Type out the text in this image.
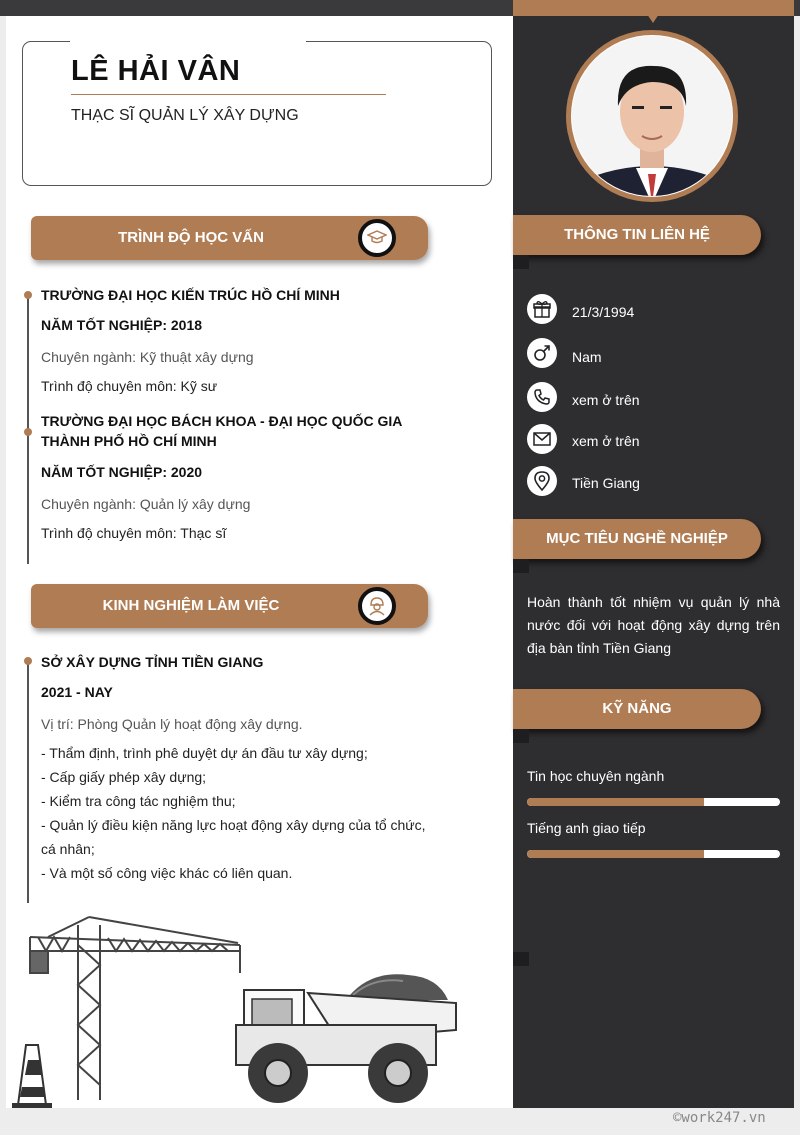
LÊ HẢI VÂN
THẠC SĨ QUẢN LÝ XÂY DỰNG
TRÌNH ĐỘ HỌC VẤN
TRƯỜNG ĐẠI HỌC KIẾN TRÚC HỒ CHÍ MINH
NĂM TỐT NGHIỆP: 2018
Chuyên ngành: Kỹ thuật xây dựng
Trình độ chuyên môn: Kỹ sư
TRƯỜNG ĐẠI HỌC BÁCH KHOA - ĐẠI HỌC QUỐC GIA THÀNH PHỐ HỒ CHÍ MINH
NĂM TỐT NGHIỆP: 2020
Chuyên ngành: Quản lý xây dựng
Trình độ chuyên môn: Thạc sĩ
KINH NGHIỆM LÀM VIỆC
SỞ XÂY DỰNG TỈNH TIỀN GIANG
2021 - NAY
Vị trí: Phòng Quản lý hoạt động xây dựng.
- Thẩm định, trình phê duyệt dự án đầu tư xây dựng;
- Cấp giấy phép xây dựng;
- Kiểm tra công tác nghiệm thu;
- Quản lý điều kiện năng lực hoạt động xây dựng của tổ chức, cá nhân;
- Và một số công việc khác có liên quan.
THÔNG TIN LIÊN HỆ
21/3/1994
Nam
xem ở trên
xem ở trên
Tiền Giang
MỤC TIÊU NGHỀ NGHIỆP
Hoàn thành tốt nhiệm vụ quản lý nhà nước đối với hoạt động xây dựng trên địa bàn tỉnh Tiền Giang
KỸ NĂNG
Tin học chuyên ngành
Tiếng anh giao tiếp
©work247.vn
